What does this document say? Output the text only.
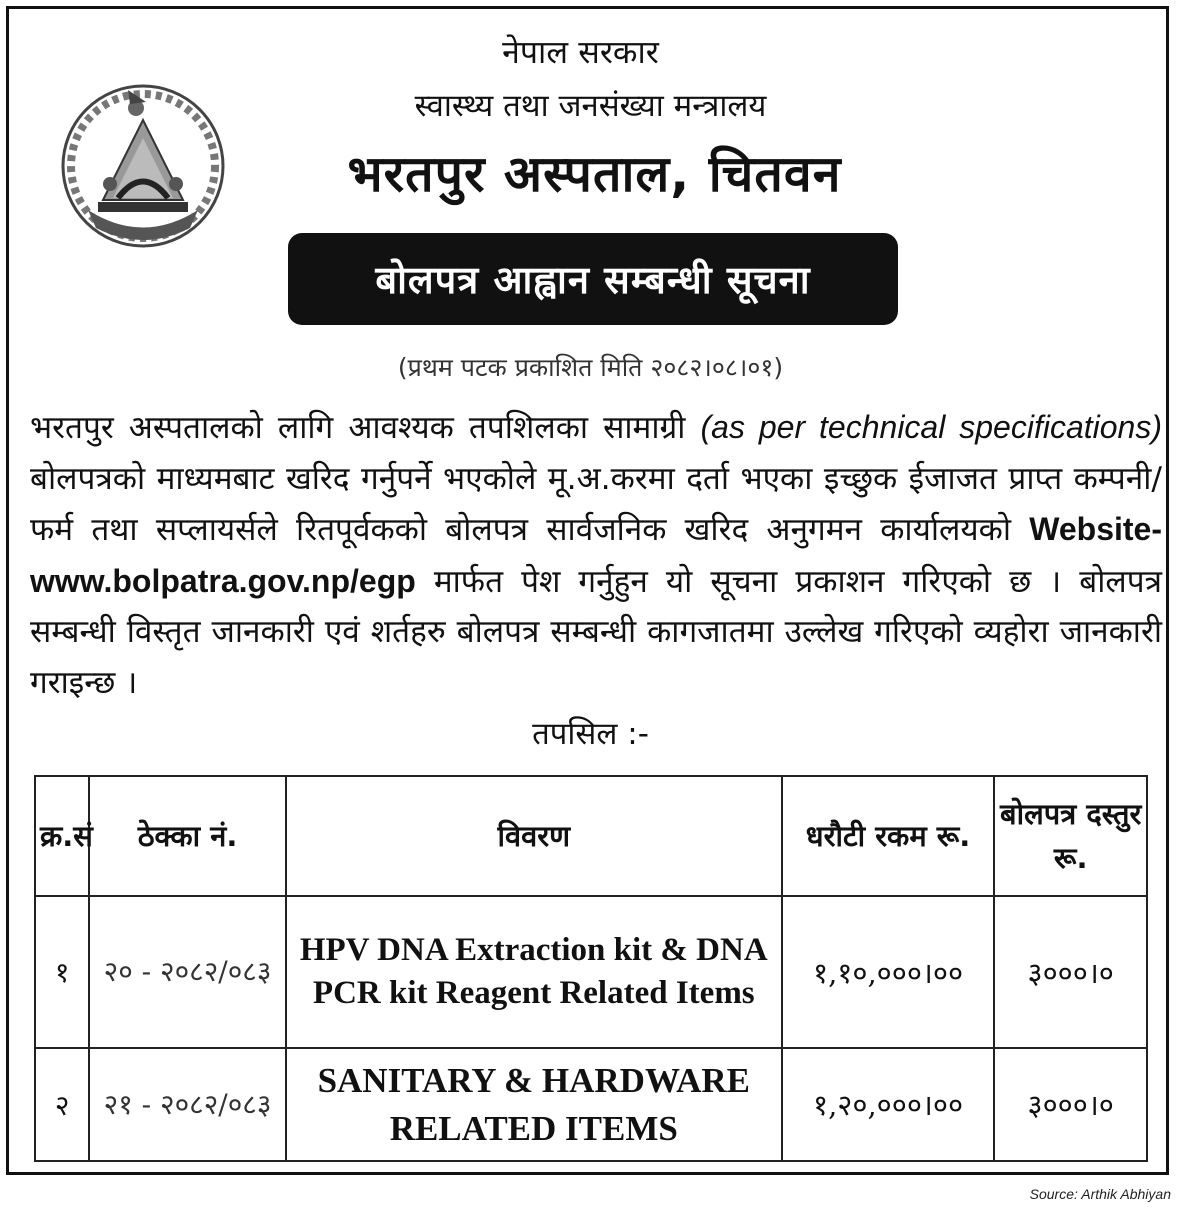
नेपाल सरकार
स्वास्थ्य तथा जनसंख्या मन्त्रालय
भरतपुर अस्पताल, चितवन
बोलपत्र आह्वान सम्बन्धी सूचना
(प्रथम पटक प्रकाशित मिति २०८२।०८।०१)
भरतपुर अस्पतालको लागि आवश्यक तपशिलका सामाग्री (as per technical specifications) बोलपत्रको माध्यमबाट खरिद गर्नुपर्ने भएकोले मू.अ.करमा दर्ता भएका इच्छुक ईजाजत प्राप्त कम्पनी/फर्म तथा सप्लायर्सले रितपूर्वकको बोलपत्र सार्वजनिक खरिद अनुगमन कार्यालयको Website- www.bolpatra.gov.np/egp मार्फत पेश गर्नुहुन यो सूचना प्रकाशन गरिएको छ । बोलपत्र सम्बन्धी विस्तृत जानकारी एवं शर्तहरु बोलपत्र सम्बन्धी कागजातमा उल्लेख गरिएको व्यहोरा जानकारी गराइन्छ ।
तपसिल :-
क्र.सं	ठेक्का नं.	विवरण	धरौटी रकम रू.	बोलपत्र दस्तुर रू.
१	२० - २०८२/०८३	HPV DNA Extraction kit & DNA PCR kit Reagent Related Items	१,१०,०००।००	३०००।०
२	२१ - २०८२/०८३	SANITARY & HARDWARE RELATED ITEMS	१,२०,०००।००	३०००।०
Source: Arthik Abhiyan
